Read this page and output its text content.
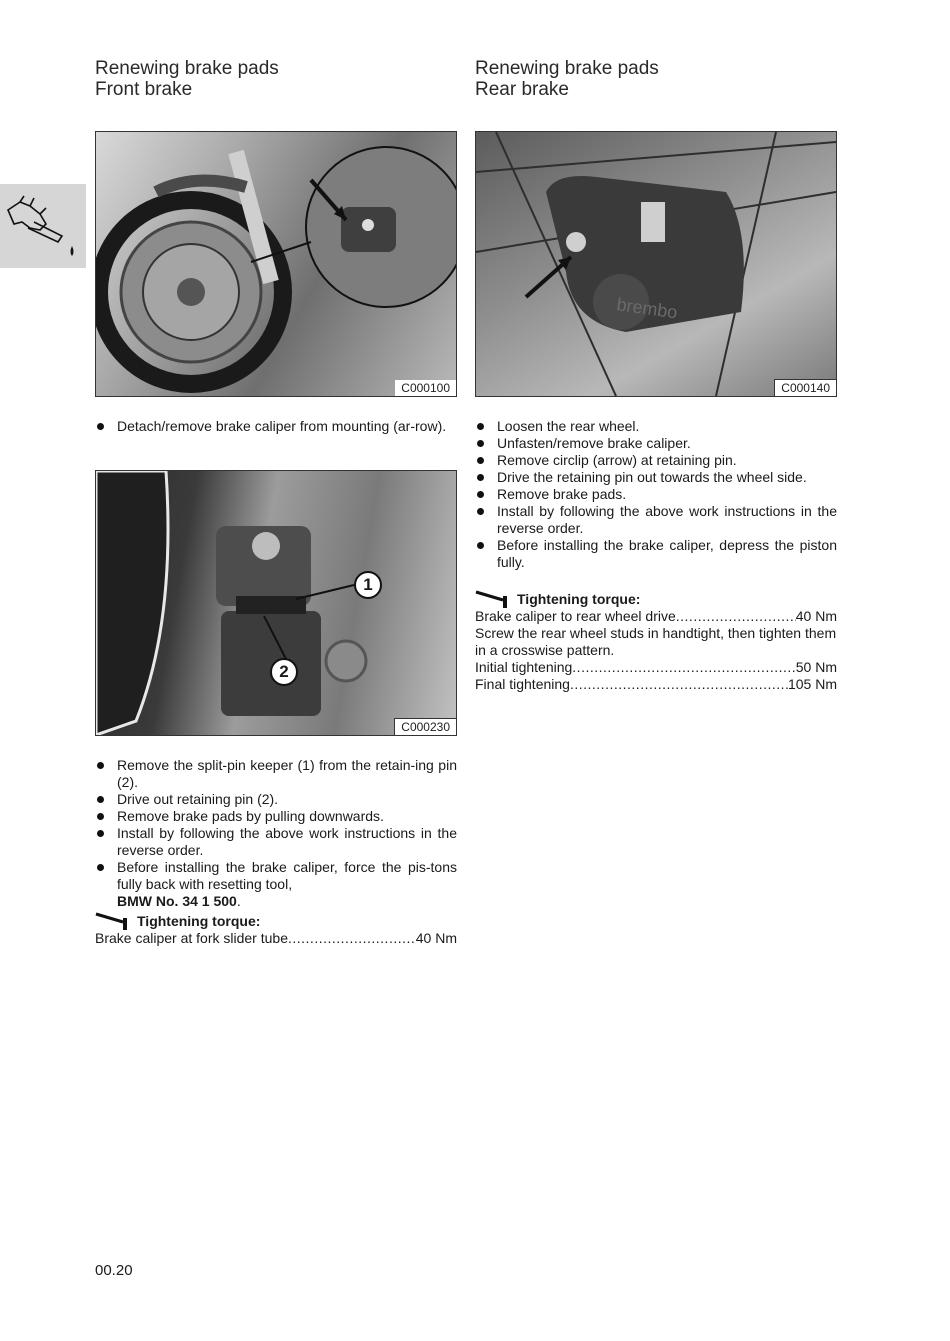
Renewing brake pads
Front brake
C000100
Detach/remove brake caliper from mounting (ar-row).
1
2
C000230
Remove the split-pin keeper (1) from the retain-ing pin (2).
Drive out retaining pin (2).
Remove brake pads by pulling downwards.
Install by following the above work instructions in the reverse order.
Before installing the brake caliper, force the pis-tons fully back with resetting tool,
BMW No. 34 1 500.
Tightening torque:
Brake caliper at fork slider tube .....	40 Nm
Renewing brake pads
Rear brake
brembo
C000140
Loosen the rear wheel.
Unfasten/remove brake caliper.
Remove circlip (arrow) at retaining pin.
Drive the retaining pin out towards the wheel side.
Remove brake pads.
Install by following the above work instructions in the reverse order.
Before installing the brake caliper, depress the piston fully.
Tightening torque:
Brake caliper to rear wheel drive .....	40 Nm
Screw the rear wheel studs in handtight, then tighten them in a crosswise pattern.
Initial tightening .....	50 Nm
Final tightening .....	105 Nm
00.20
